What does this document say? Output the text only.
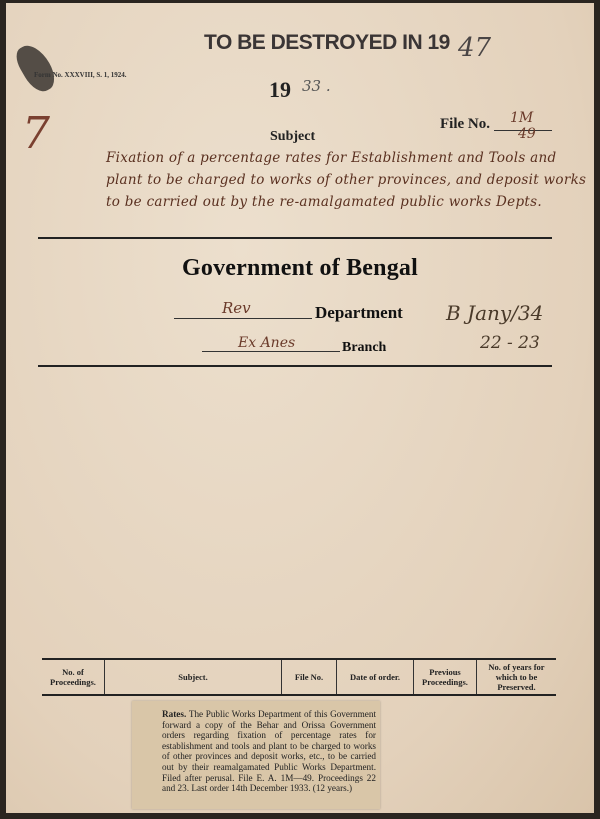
TO BE DESTROYED IN 19 47
Form No. XXXVIII, S. 1, 1924.
19 33 .
7	File No. 1M
49
Subject
Fixation of a percentage rates for Establishment and Tools and plant to be charged to works of other provinces, and deposit works to be carried out by the re-amalgamated public works Depts.
Government of Bengal
Rev	Department
Ex Anes	Branch
B Jany/34
22 - 23
No. of Proceedings.	Subject.	File No.	Date of order.	Previous Proceedings.	No. of years for which to be Preserved.
Rates. The Public Works Department of this Government forward a copy of the Behar and Orissa Government orders regarding fixation of percentage rates for establishment and tools and plant to be charged to works of other provinces and deposit works, etc., to be carried out by their reamalgamated Public Works Department. Filed after perusal. File E. A. 1M—49. Proceedings 22 and 23. Last order 14th December 1933. (12 years.)
